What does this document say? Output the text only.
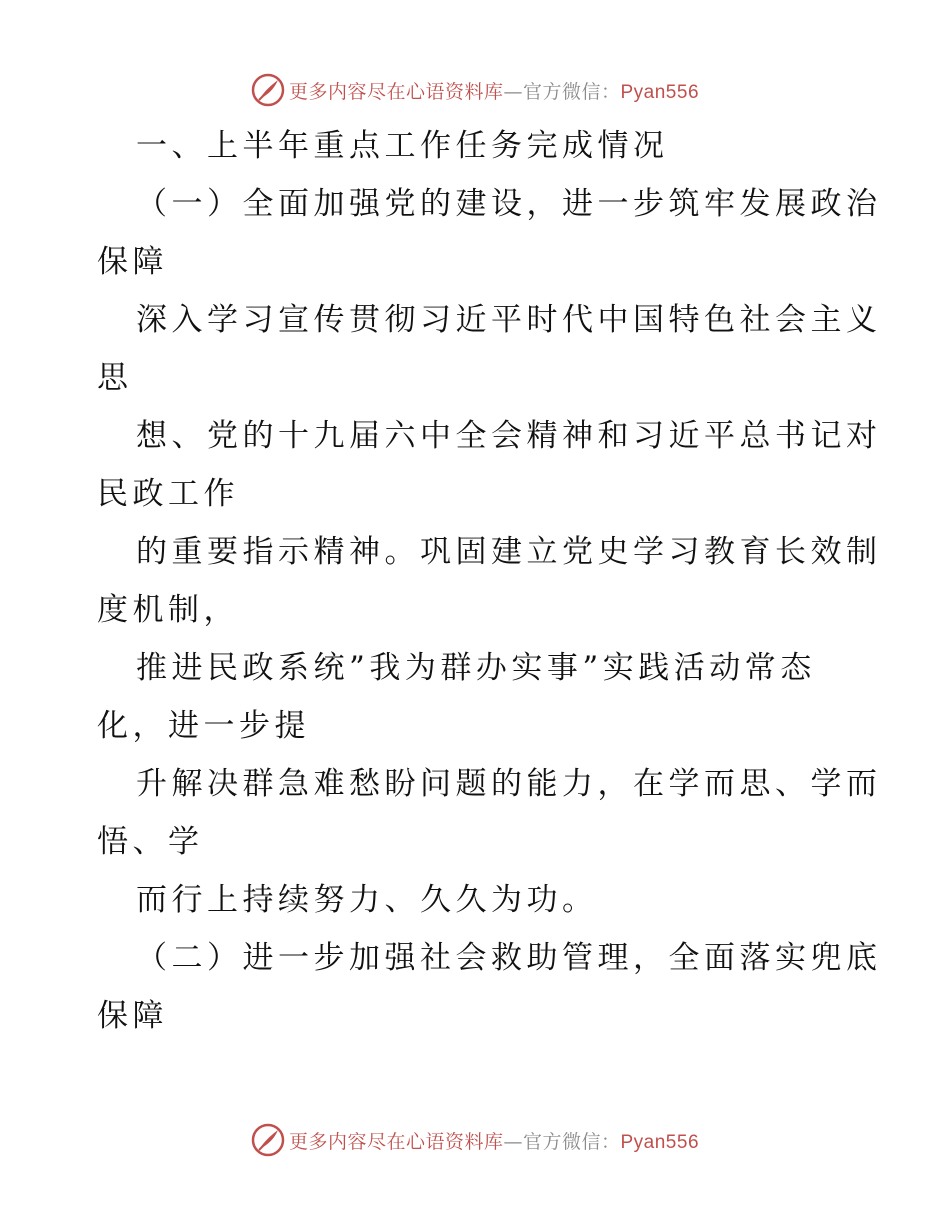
更多内容尽在心语资料库—官方微信：Pyan556
一、上半年重点工作任务完成情况
（一）全面加强党的建设，进一步筑牢发展政治
保障
深入学习宣传贯彻习近平时代中国特色社会主义
思
想、党的十九届六中全会精神和习近平总书记对
民政工作
的重要指示精神。巩固建立党史学习教育长效制
度机制，
推进民政系统”我为群办实事”实践活动常态
化，进一步提
升解决群急难愁盼问题的能力，在学而思、学而
悟、学
而行上持续努力、久久为功。
（二）进一步加强社会救助管理，全面落实兜底
保障
更多内容尽在心语资料库—官方微信：Pyan556
